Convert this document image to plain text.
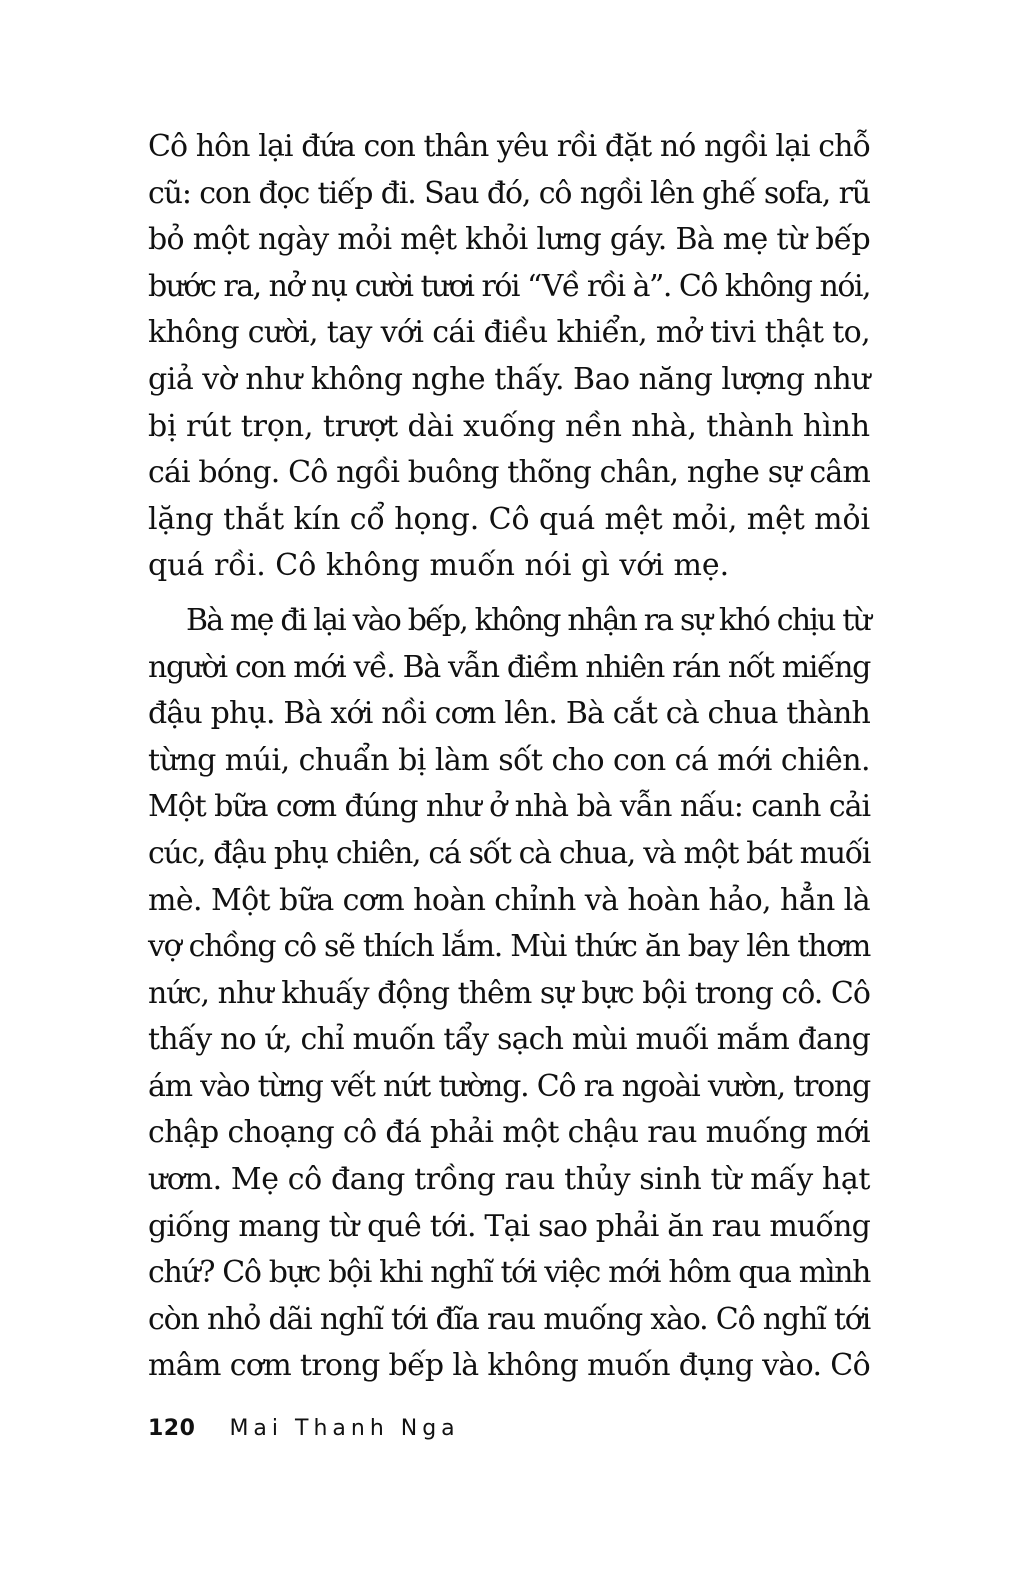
Cô hôn lại đứa con thân yêu rồi đặt nó ngồi lại chỗ
cũ: con đọc tiếp đi. Sau đó, cô ngồi lên ghế sofa, rũ
bỏ một ngày mỏi mệt khỏi lưng gáy. Bà mẹ từ bếp
bước ra, nở nụ cười tươi rói “Về rồi à”. Cô không nói,
không cười, tay với cái điều khiển, mở tivi thật to,
giả vờ như không nghe thấy. Bao năng lượng như
bị rút trọn, trượt dài xuống nền nhà, thành hình
cái bóng. Cô ngồi buông thõng chân, nghe sự câm
lặng thắt kín cổ họng. Cô quá mệt mỏi, mệt mỏi
quá rồi. Cô không muốn nói gì với mẹ.
Bà mẹ đi lại vào bếp, không nhận ra sự khó chịu từ
người con mới về. Bà vẫn điềm nhiên rán nốt miếng
đậu phụ. Bà xới nồi cơm lên. Bà cắt cà chua thành
từng múi, chuẩn bị làm sốt cho con cá mới chiên.
Một bữa cơm đúng như ở nhà bà vẫn nấu: canh cải
cúc, đậu phụ chiên, cá sốt cà chua, và một bát muối
mè. Một bữa cơm hoàn chỉnh và hoàn hảo, hẳn là
vợ chồng cô sẽ thích lắm. Mùi thức ăn bay lên thơm
nức, như khuấy động thêm sự bực bội trong cô. Cô
thấy no ứ, chỉ muốn tẩy sạch mùi muối mắm đang
ám vào từng vết nứt tường. Cô ra ngoài vườn, trong
chập choạng cô đá phải một chậu rau muống mới
ươm. Mẹ cô đang trồng rau thủy sinh từ mấy hạt
giống mang từ quê tới. Tại sao phải ăn rau muống
chứ? Cô bực bội khi nghĩ tới việc mới hôm qua mình
còn nhỏ dãi nghĩ tới đĩa rau muống xào. Cô nghĩ tới
mâm cơm trong bếp là không muốn đụng vào. Cô
120 Mai Thanh Nga
